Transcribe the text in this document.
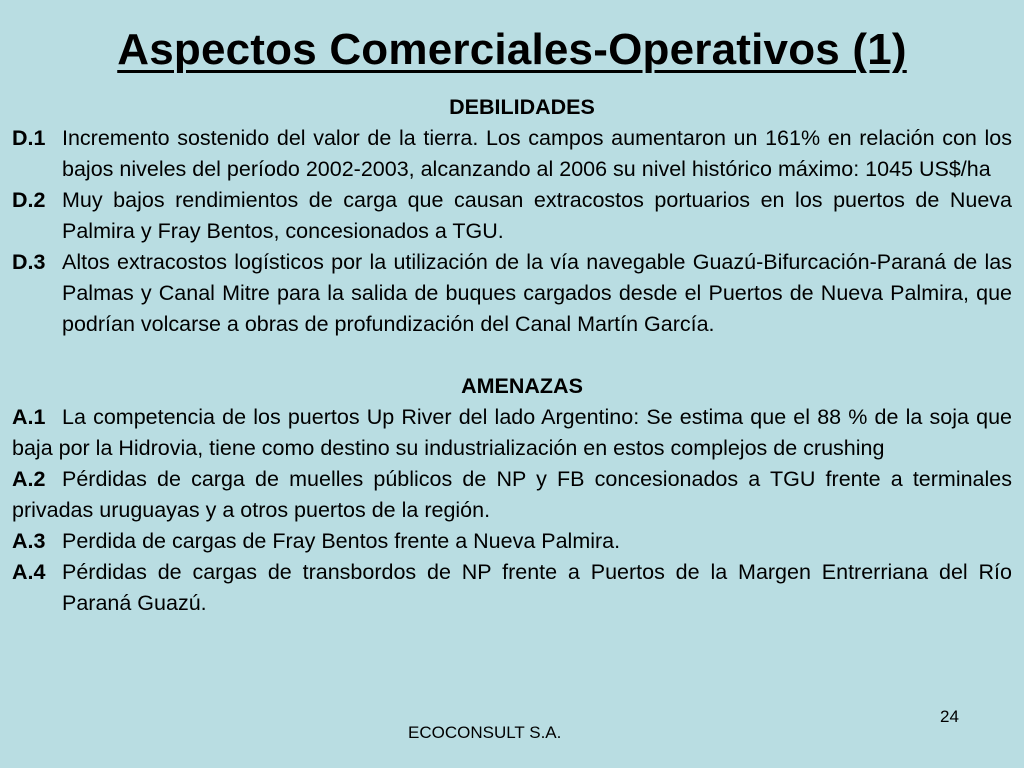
Aspectos Comerciales-Operativos (1)
DEBILIDADES
D.1 Incremento sostenido del valor de la tierra. Los campos aumentaron un 161% en relación con los bajos niveles del período 2002-2003, alcanzando al 2006 su nivel histórico máximo: 1045 US$/ha
D.2 Muy bajos rendimientos de carga que causan extracostos portuarios en los puertos de Nueva Palmira y Fray Bentos, concesionados a TGU.
D.3 Altos extracostos logísticos por la utilización de la vía navegable Guazú-Bifurcación-Paraná de las Palmas y Canal Mitre para la salida de buques cargados desde el Puertos de Nueva Palmira, que podrían volcarse a obras de profundización del Canal Martín García.
AMENAZAS
A.1 La competencia de los puertos Up River del lado Argentino: Se estima que el 88 % de la soja que baja por la Hidrovia, tiene como destino su industrialización en estos complejos de crushing
A.2 Pérdidas de carga de muelles públicos de NP y FB concesionados a TGU frente a terminales privadas uruguayas y a otros puertos de la región.
A.3 Perdida de cargas de Fray Bentos frente a Nueva Palmira.
A.4 Pérdidas de cargas de transbordos de NP frente a Puertos de la Margen Entrerriana del Río Paraná Guazú.
24
ECOCONSULT S.A.
